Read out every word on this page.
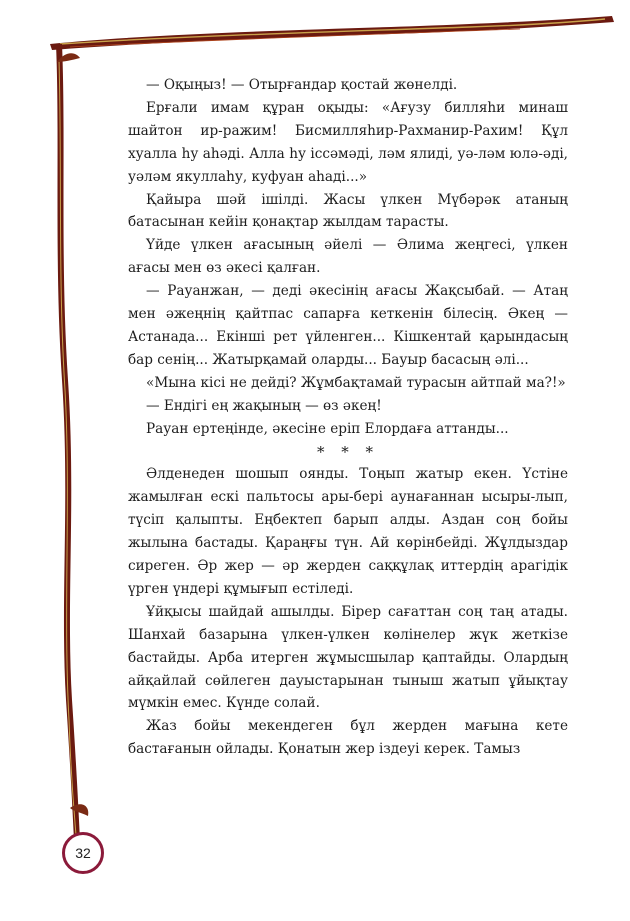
— Оқыңыз! — Отырғандар қостай жөнелді.

Ерғали имам құран оқыды: «Ағузу билляһи минаш шайтон ир-ражим! Бисмилляһир-Рахманир-Рахим! Құл хуалла һу аһәді. Алла һу іссәмәді, ләм ялиді, уә-ләм юлә-әді, уәләм якуллаһу, куфуан аһаді...»

Қайыра шәй ішілді. Жасы үлкен Мүбәрәк атаның батасынан кейін қонақтар жылдам тарасты.

Үйде үлкен ағасының әйелі — Әлима жеңгесі, үлкен ағасы мен өз әкесі қалған.

— Рауанжан, — деді әкесінің ағасы Жақсыбай. — Атаң мен әжеңнің қайтпас сапарға кеткенін білесің. Әкең — Астанада... Екінші рет үйленген... Кішкентай қарындасың бар сенің... Жатырқамай оларды... Бауыр басасың әлі...

«Мына кісі не дейді? Жұмбақтамай турасын айтпай ма?!»

— Ендігі ең жақының — өз әкең!

Рауан ертеңінде, әкесіне еріп Елордаға аттанды...

* * *

Әлденеден шошып оянды. Тоңып жатыр екен. Үстіне жамылған ескі пальтосы ары-бері аунағаннан ысыры-лып, түсіп қалыпты. Еңбектеп барып алды. Аздан соң бойы жылына бастады. Қараңғы түн. Ай көрінбейді. Жұлдыздар сиреген. Әр жер — әр жерден саққұлақ иттердің арагідік үрген үндері құмығып естіледі.

Ұйқысы шайдай ашылды. Бірер сағаттан соң таң атады. Шанхай базарына үлкен-үлкен көлiнелер жүк жеткізе бастайды. Арба итерген жұмысшылар қаптайды. Олардың айқайлай сөйлеген дауыстарынан тыныш жатып ұйықтау мүмкін емес. Күнде солай.

Жаз бойы мекендеген бұл жерден мағына кете бастағанын ойлады. Қонатын жер іздеуі керек. Тамыз

32
